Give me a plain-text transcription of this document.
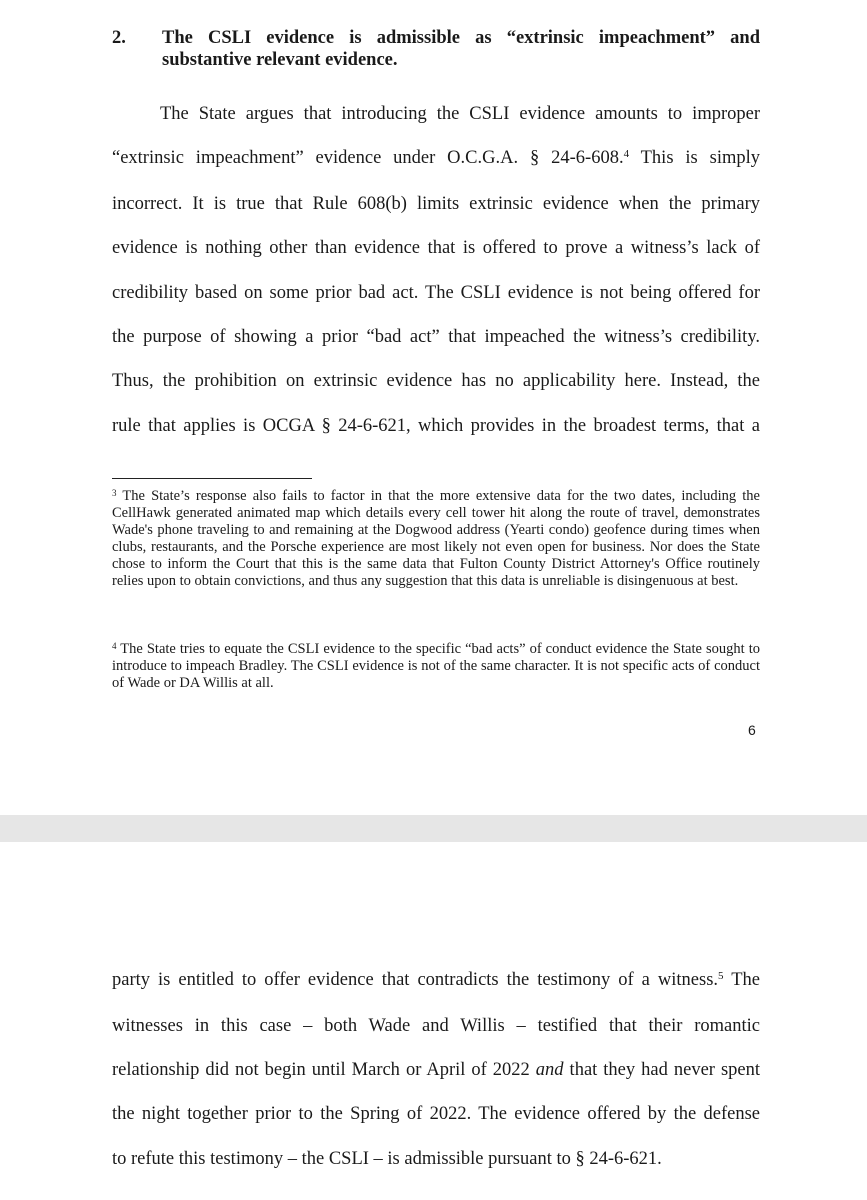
2. The CSLI evidence is admissible as “extrinsic impeachment” and substantive relevant evidence.
The State argues that introducing the CSLI evidence amounts to improper
“extrinsic impeachment” evidence under O.C.G.A. § 24-6-608.$^4$ This is simply
incorrect. It is true that Rule 608(b) limits extrinsic evidence when the primary
evidence is nothing other than evidence that is offered to prove a witness’s lack of
credibility based on some prior bad act. The CSLI evidence is not being offered for
the purpose of showing a prior “bad act” that impeached the witness’s credibility.
Thus, the prohibition on extrinsic evidence has no applicability here. Instead, the
rule that applies is OCGA § 24-6-621, which provides in the broadest terms, that a
$^3$ The State’s response also fails to factor in that the more extensive data for the two dates, including the CellHawk generated animated map which details every cell tower hit along the route of travel, demonstrates Wade's phone traveling to and remaining at the Dogwood address (Yearti condo) geofence during times when clubs, restaurants, and the Porsche experience are most likely not even open for business. Nor does the State chose to inform the Court that this is the same data that Fulton County District Attorney's Office routinely relies upon to obtain convictions, and thus any suggestion that this data is unreliable is disingenuous at best.
$^4$ The State tries to equate the CSLI evidence to the specific “bad acts” of conduct evidence the State sought to introduce to impeach Bradley. The CSLI evidence is not of the same character. It is not specific acts of conduct of Wade or DA Willis at all.
6
party is entitled to offer evidence that contradicts the testimony of a witness.$^5$ The
witnesses in this case – both Wade and Willis – testified that their romantic
relationship did not begin until March or April of 2022 and that they had never spent
the night together prior to the Spring of 2022. The evidence offered by the defense
to refute this testimony – the CSLI – is admissible pursuant to § 24-6-621.
